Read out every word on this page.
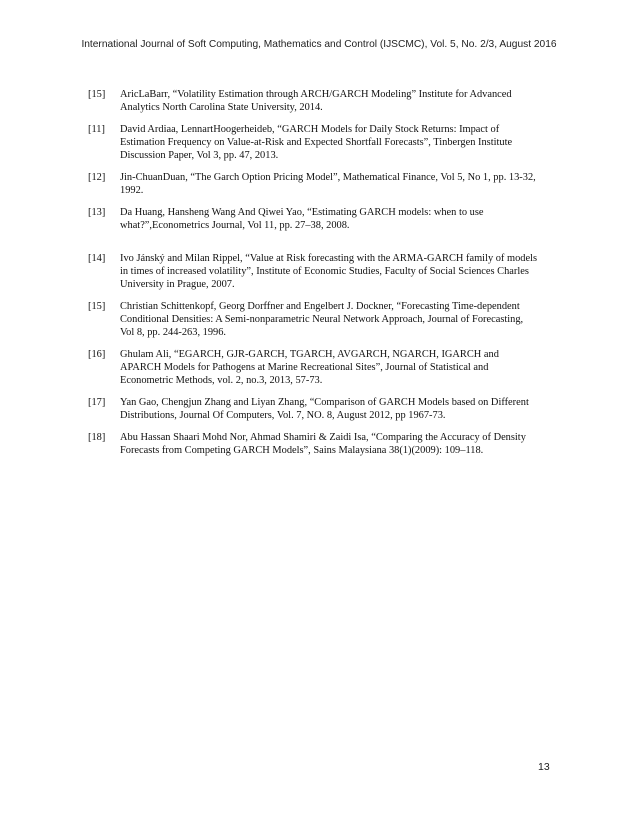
International Journal of Soft Computing, Mathematics and Control (IJSCMC), Vol. 5, No. 2/3, August 2016
[15] AricLaBarr, “Volatility Estimation through ARCH/GARCH Modeling” Institute for Advanced
Analytics North Carolina State University, 2014.
[11] David Ardiaa, LennartHoogerheideb, “GARCH Models for Daily Stock Returns: Impact of
Estimation Frequency on Value-at-Risk and Expected Shortfall Forecasts”, Tinbergen Institute
Discussion Paper, Vol 3, pp. 47, 2013.
[12] Jin-ChuanDuan, “The Garch Option Pricing Model”, Mathematical Finance, Vol 5, No 1, pp. 13-32,
1992.
[13] Da Huang, Hansheng Wang And Qiwei Yao, “Estimating GARCH models: when to use
what?”,Econometrics Journal, Vol 11, pp. 27–38, 2008.
[14] Ivo Jánský and Milan Rippel, “Value at Risk forecasting with the ARMA-GARCH family of models
in times of increased volatility”, Institute of Economic Studies, Faculty of Social Sciences Charles
University in Prague, 2007.
[15] Christian Schittenkopf, Georg Dorffner and Engelbert J. Dockner, “Forecasting Time-dependent
Conditional Densities: A Semi-nonparametric Neural Network Approach, Journal of Forecasting,
Vol 8, pp. 244-263, 1996.
[16] Ghulam Ali, “EGARCH, GJR-GARCH, TGARCH, AVGARCH, NGARCH, IGARCH and
APARCH Models for Pathogens at Marine Recreational Sites”, Journal of Statistical and
Econometric Methods, vol. 2, no.3, 2013, 57-73.
[17] Yan Gao, Chengjun Zhang and Liyan Zhang, “Comparison of GARCH Models based on Different
Distributions, Journal Of Computers, Vol. 7, NO. 8, August 2012, pp 1967-73.
[18] Abu Hassan Shaari Mohd Nor, Ahmad Shamiri & Zaidi Isa, “Comparing the Accuracy of Density
Forecasts from Competing GARCH Models”, Sains Malaysiana 38(1)(2009): 109–118.
13
